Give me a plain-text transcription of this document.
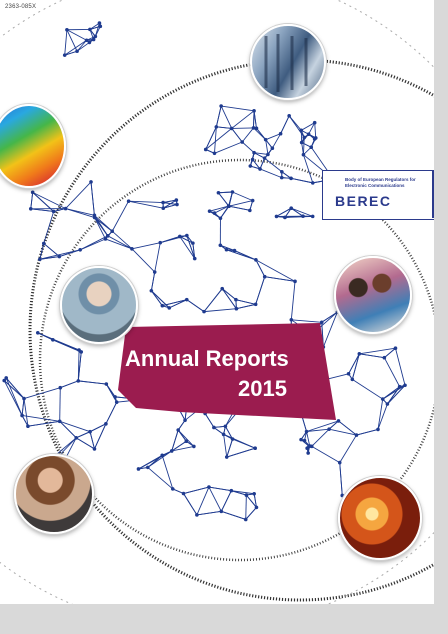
2363-085X
Body of European Regulators for Electronic Communications
BEREC
Annual Reports
2015
